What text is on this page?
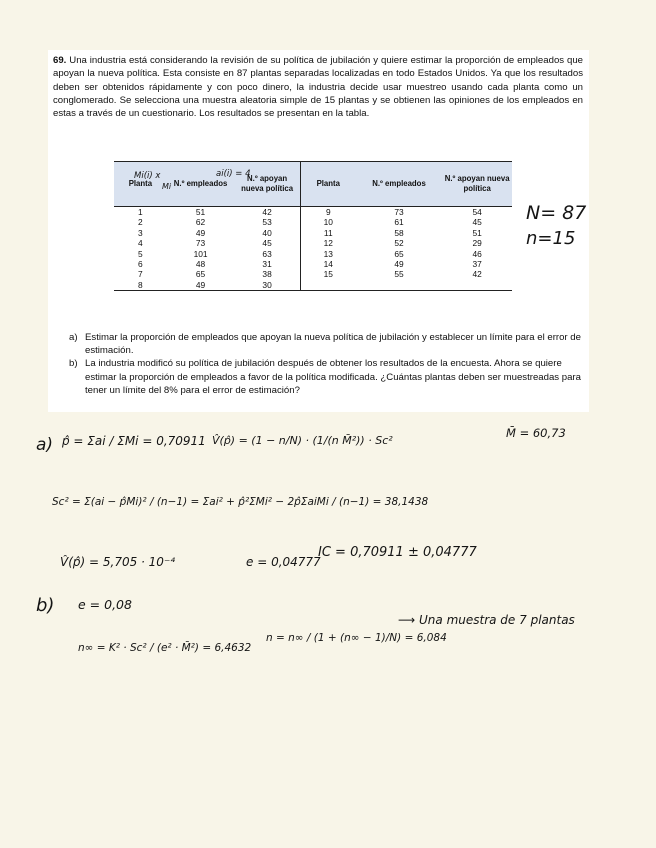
69. Una industria está considerando la revisión de su política de jubilación y quiere estimar la proporción de empleados que apoyan la nueva política. Esta consiste en 87 plantas separadas localizadas en todo Estados Unidos. Ya que los resultados deben ser obtenidos rápidamente y con poco dinero, la industria decide usar muestreo usando cada planta como un conglomerado. Se selecciona una muestra aleatoria simple de 15 plantas y se obtienen las opiniones de los empleados en estas a través de un cuestionario. Los resultados se presentan en la tabla.

Planta	N.º empleados	N.º apoyan nueva política	Planta	N.º empleados	N.º apoyan nueva política
1	51	42	9	73	54
2	62	53	10	61	45
3	49	40	11	58	51
4	73	45	12	52	29
5	101	63	13	65	46
6	48	31	14	49	37
7	65	38	15	55	42
8	49	30			
a) Estimar la proporción de empleados que apoyan la nueva política de jubilación y establecer un límite para el error de estimación.
b) La industria modificó su política de jubilación después de obtener los resultados de la encuesta. Ahora se quiere estimar la proporción de empleados a favor de la política modificada. ¿Cuántas plantas deben ser muestreadas para tener un límite del 8% para el error de estimación?
Mi(i) x
Mi
ai(i) = 4
N= 87
n=15
a) p̂ = Σai / ΣMi = 0,70911 V̂(p̂) = (1 − n/N) · (1/(n M̄²)) · Sc²
M̄ = 60,73
Sc² = Σ(ai − p̂Mi)² / (n−1) = Σai² + p̂²ΣMi² − 2p̂ΣaiMi / (n−1) = 38,1438
V̂(p̂) = 5,705 · 10⁻⁴	e = 0,04777
IC = 0,70911 ± 0,04777
b) e = 0,08
n∞ = K² · Sc² / (e² · M̄²) = 6,4632
n = n∞ / (1 + (n∞ − 1)/N) = 6,084
⟶ Una muestra de 7 plantas
